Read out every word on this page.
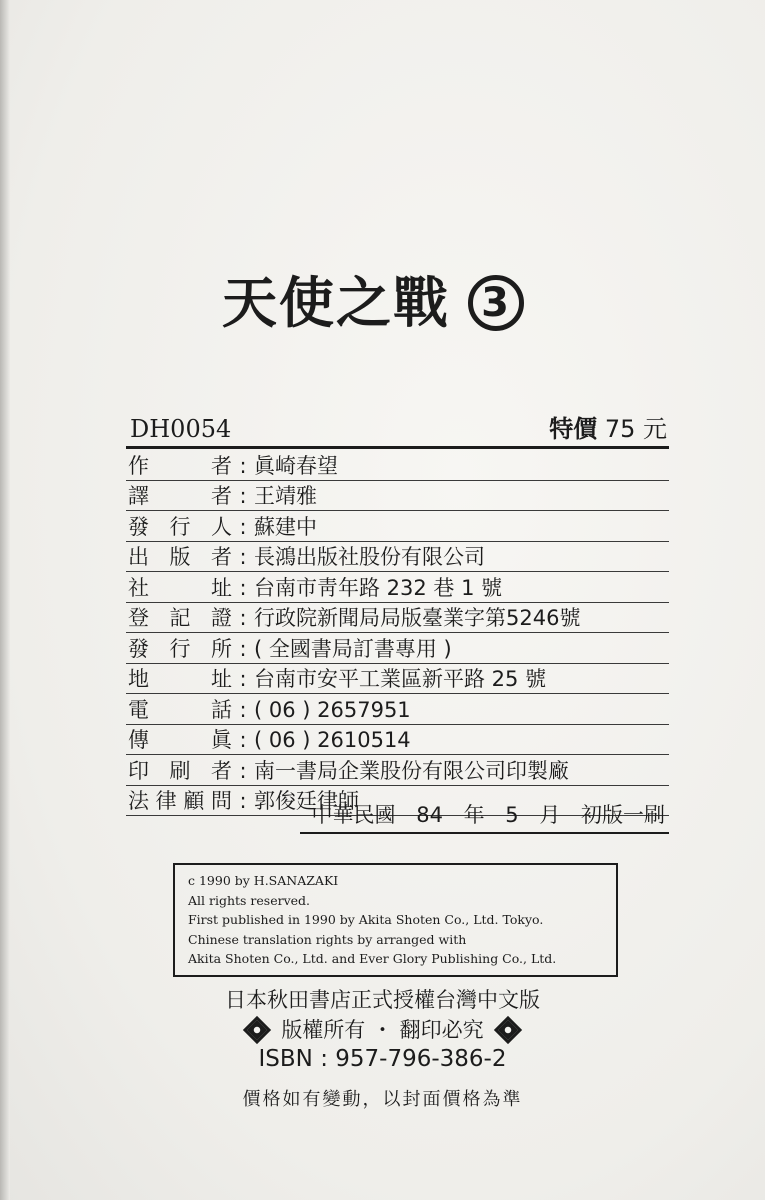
天使之戰 3
DH0054	特價 75 元
作	者 : 眞崎春望
譯	者 : 王靖雅
發 行 人 : 蘇建中
出 版 者 : 長鴻出版社股份有限公司
社	址 : 台南市靑年路 232 巷 1 號
登 記 證 : 行政院新聞局局版臺業字第5246號
發 行 所 : ( 全國書局訂書專用 )
地	址 : 台南市安平工業區新平路 25 號
電	話 : ( 06 ) 2657951
傳	眞 : ( 06 ) 2610514
印 刷 者 : 南一書局企業股份有限公司印製廠
法 律 顧 問 : 郭俊廷律師
中華民國 84 年 5 月 初版一刷
c 1990 by H.SANAZAKI
All rights reserved.
First published in 1990 by Akita Shoten Co., Ltd. Tokyo.
Chinese translation rights by arranged with
Akita Shoten Co., Ltd. and Ever Glory Publishing Co., Ltd.
日本秋田書店正式授權台灣中文版
版權所有 ・ 翻印必究
ISBN : 957-796-386-2
價格如有變動，以封面價格為準
